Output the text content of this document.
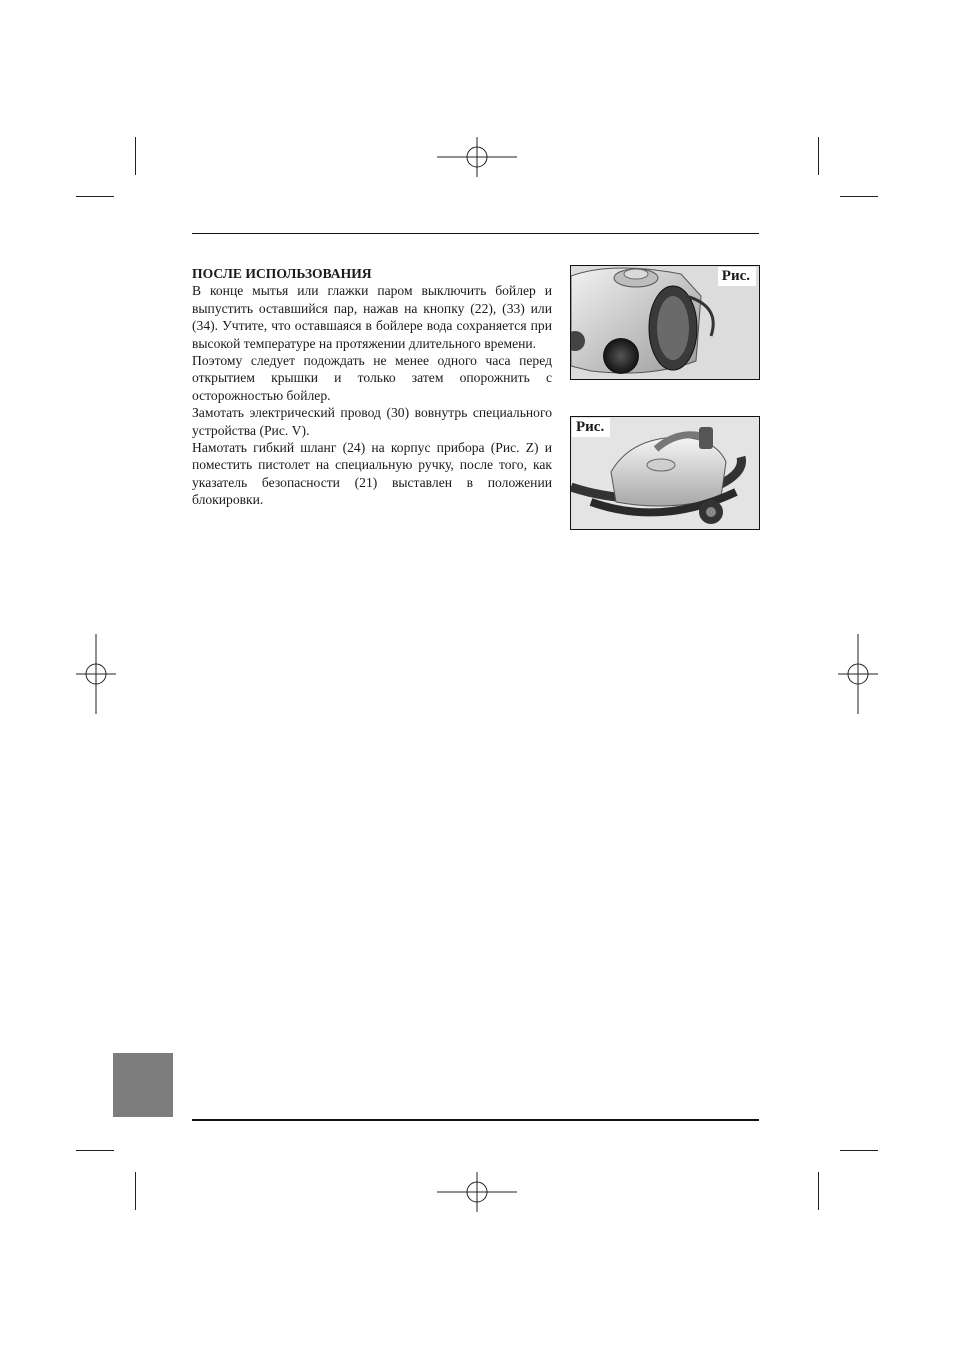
ПОСЛЕ ИСПОЛЬЗОВАНИЯ

В конце мытья или глажки паром выключить бойлер и выпустить оставшийся пар, нажав на кнопку (22), (33) или (34). Учтите, что оставшаяся в бойлере вода сохраняется при высокой температуре на протяжении длительного времени.

Поэтому следует подождать не менее одного часа перед открытием крышки и только затем опорожнить с осторожностью бойлер.

Замотать электрический провод (30) вовнутрь специального устройства (Рис. V).

Намотать гибкий шланг (24) на корпус прибора (Рис. Z) и поместить пистолет на специальную ручку, после того, как указатель безопасности (21) выставлен в положении блокировки.

Рис.
Рис.
